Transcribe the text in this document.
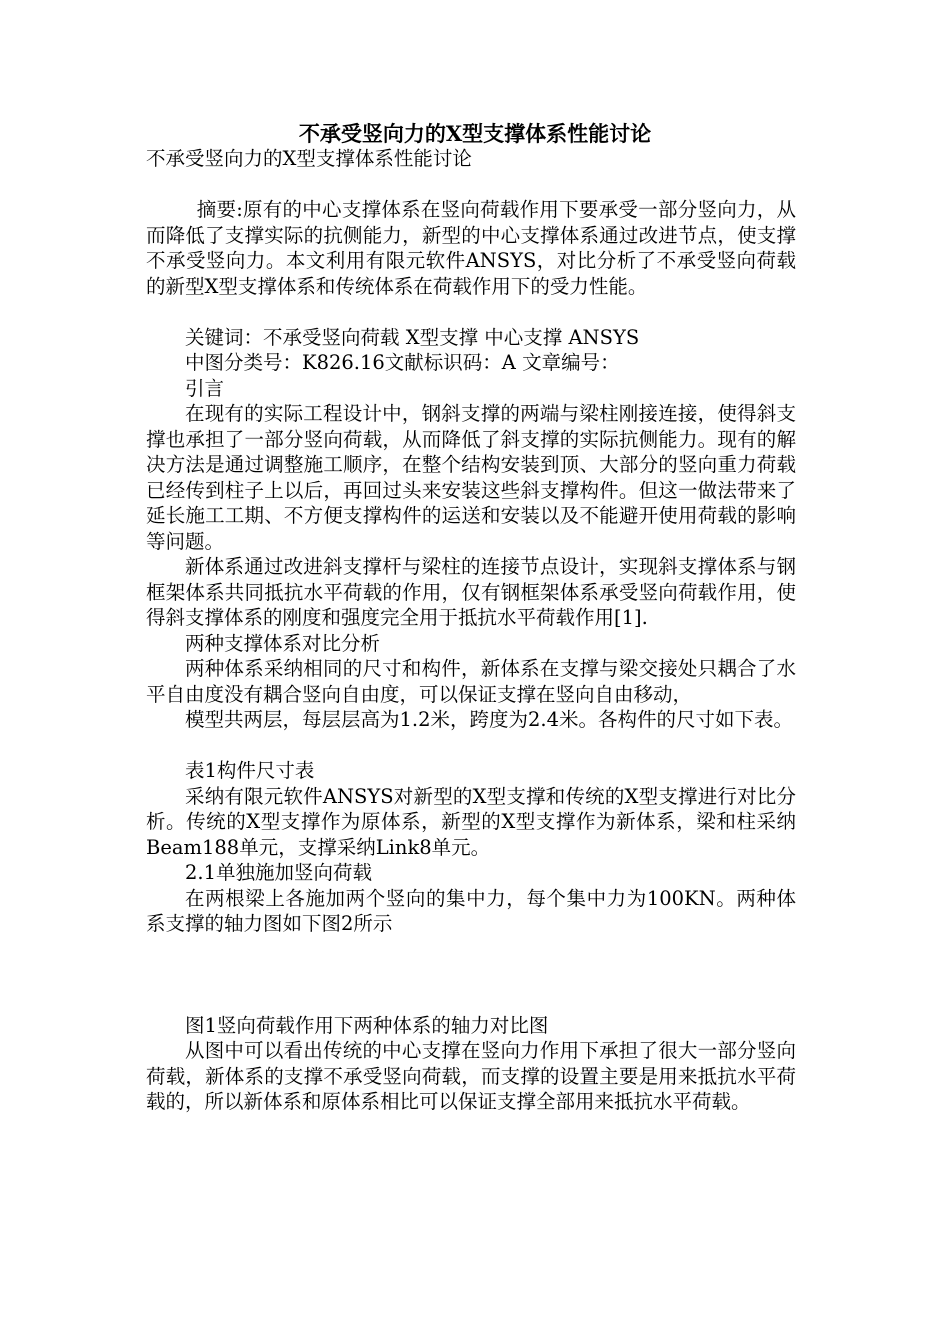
不承受竖向力的X型支撑体系性能讨论

不承受竖向力的X型支撑体系性能讨论

摘要:原有的中心支撑体系在竖向荷载作用下要承受一部分竖向力，从而降低了支撑实际的抗侧能力，新型的中心支撑体系通过改进节点，使支撑不承受竖向力。本文利用有限元软件ANSYS，对比分析了不承受竖向荷载的新型X型支撑体系和传统体系在荷载作用下的受力性能。

关键词：不承受竖向荷载 X型支撑 中心支撑 ANSYS

中图分类号：K826.16文献标识码：A 文章编号：

引言

在现有的实际工程设计中，钢斜支撑的两端与梁柱刚接连接，使得斜支撑也承担了一部分竖向荷载，从而降低了斜支撑的实际抗侧能力。现有的解决方法是通过调整施工顺序，在整个结构安装到顶、大部分的竖向重力荷载已经传到柱子上以后，再回过头来安装这些斜支撑构件。但这一做法带来了延长施工工期、不方便支撑构件的运送和安装以及不能避开使用荷载的影响等问题。

新体系通过改进斜支撑杆与梁柱的连接节点设计，实现斜支撑体系与钢框架体系共同抵抗水平荷载的作用，仅有钢框架体系承受竖向荷载作用，使得斜支撑体系的刚度和强度完全用于抵抗水平荷载作用[1].

两种支撑体系对比分析

两种体系采纳相同的尺寸和构件，新体系在支撑与梁交接处只耦合了水平自由度没有耦合竖向自由度，可以保证支撑在竖向自由移动，

模型共两层，每层层高为1.2米，跨度为2.4米。各构件的尺寸如下表。

表1构件尺寸表

采纳有限元软件ANSYS对新型的X型支撑和传统的X型支撑进行对比分析。传统的X型支撑作为原体系，新型的X型支撑作为新体系，梁和柱采纳Beam188单元，支撑采纳Link8单元。

2.1单独施加竖向荷载

在两根梁上各施加两个竖向的集中力，每个集中力为100KN。两种体系支撑的轴力图如下图2所示

图1竖向荷载作用下两种体系的轴力对比图

从图中可以看出传统的中心支撑在竖向力作用下承担了很大一部分竖向荷载，新体系的支撑不承受竖向荷载，而支撑的设置主要是用来抵抗水平荷载的，所以新体系和原体系相比可以保证支撑全部用来抵抗水平荷载。
